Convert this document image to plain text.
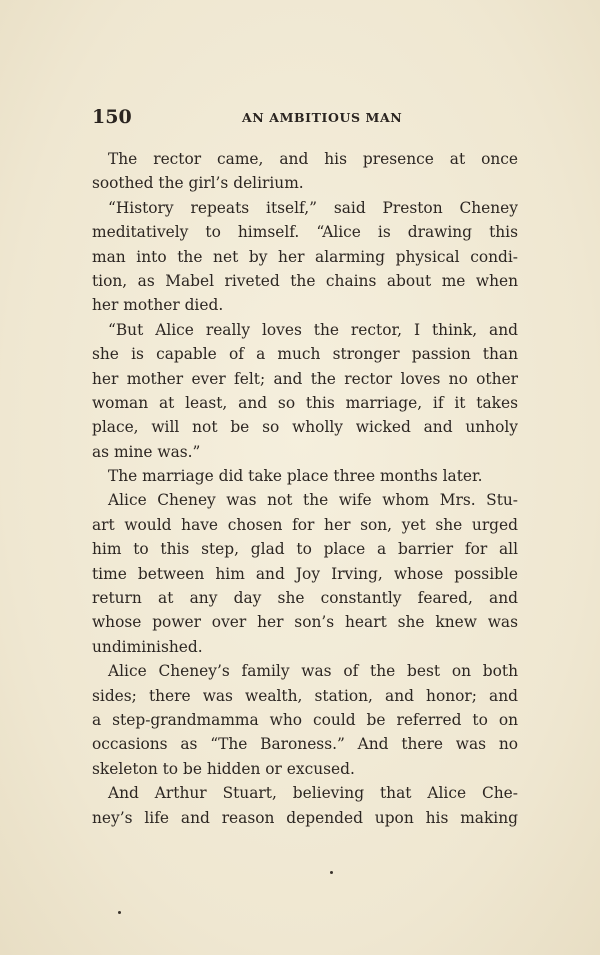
150	AN AMBITIOUS MAN
The rector came, and his presence at once
soothed the girl’s delirium.
“History repeats itself,” said Preston Cheney
meditatively to himself. “Alice is drawing this
man into the net by her alarming physical condi-
tion, as Mabel riveted the chains about me when
her mother died.
“But Alice really loves the rector, I think, and
she is capable of a much stronger passion than
her mother ever felt; and the rector loves no other
woman at least, and so this marriage, if it takes
place, will not be so wholly wicked and unholy
as mine was.”
The marriage did take place three months later.
Alice Cheney was not the wife whom Mrs. Stu-
art would have chosen for her son, yet she urged
him to this step, glad to place a barrier for all
time between him and Joy Irving, whose possible
return at any day she constantly feared, and
whose power over her son’s heart she knew was
undiminished.
Alice Cheney’s family was of the best on both
sides; there was wealth, station, and honor; and
a step-grandmamma who could be referred to on
occasions as “The Baroness.” And there was no
skeleton to be hidden or excused.
And Arthur Stuart, believing that Alice Che-
ney’s life and reason depended upon his making
